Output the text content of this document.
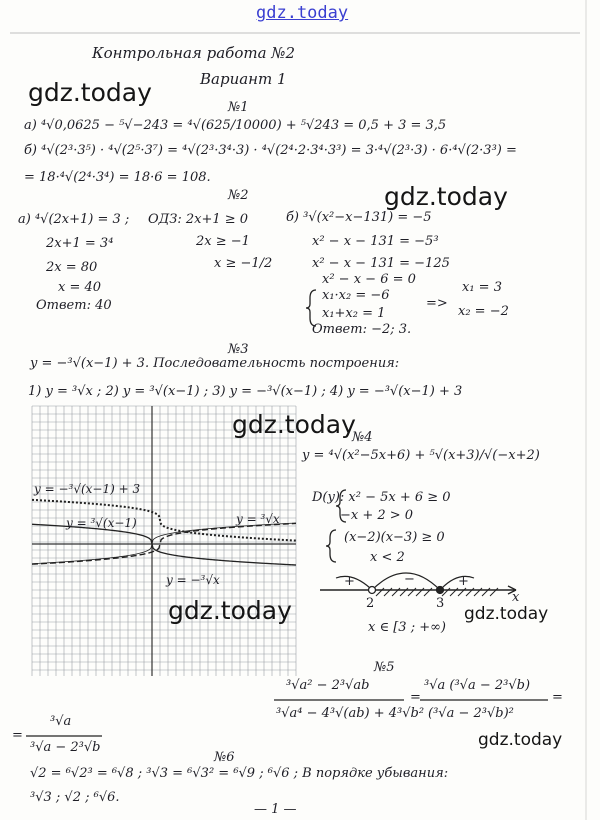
gdz.today
Контрольная работа №2
Вариант 1
gdz.today
№1
а) ⁴√0,0625 − ⁵√−243 = ⁴√(625/10000) + ⁵√243 = 0,5 + 3 = 3,5
б) ⁴√(2³·3⁵) · ⁴√(2⁵·3⁷) = ⁴√(2³·3⁴·3) · ⁴√(2⁴·2·3⁴·3³) = 3·⁴√(2³·3) · 6·⁴√(2·3³) =
= 18·⁴√(2⁴·3⁴) = 18·6 = 108.
gdz.today
№2
а) ⁴√(2x+1) = 3 ;
2x+1 = 3⁴
2x = 80
x = 40
Ответ: 40
ОДЗ: 2x+1 ≥ 0
2x ≥ −1
x ≥ −1/2
б) ³√(x²−x−131) = −5
x² − x − 131 = −5³
x² − x − 131 = −125
x² − x − 6 = 0
x₁·x₂ = −6
x₁+x₂ = 1
=>
x₁ = 3
x₂ = −2
Ответ: −2; 3.
№3
y = −³√(x−1) + 3. Последовательность построения:
1) y = ³√x ; 2) y = ³√(x−1) ; 3) y = −³√(x−1) ; 4) y = −³√(x−1) + 3
y = −³√(x−1) + 3
y = ³√(x−1)	y = ³√x
y = −³√x
gdz.today
№4
y = ⁴√(x²−5x+6) + ⁵√(x+3)/√(−x+2)
D(y): x² − 5x + 6 ≥ 0
−x + 2 > 0
(x−2)(x−3) ≥ 0
x < 2
+	−	+
2	3	x
x ∈ [3 ; +∞)
gdz.today	gdz.today
№5
³√a² − 2³√ab
³√a⁴ − 4³√(ab) + 4³√b²
=
³√a (³√a − 2³√b)
(³√a − 2³√b)²
=
=
³√a
³√a − 2³√b	gdz.today
№6
√2 = ⁶√2³ = ⁶√8 ; ³√3 = ⁶√3² = ⁶√9 ; ⁶√6 ; В порядке убывания:
³√3 ; √2 ; ⁶√6.
— 1 —
